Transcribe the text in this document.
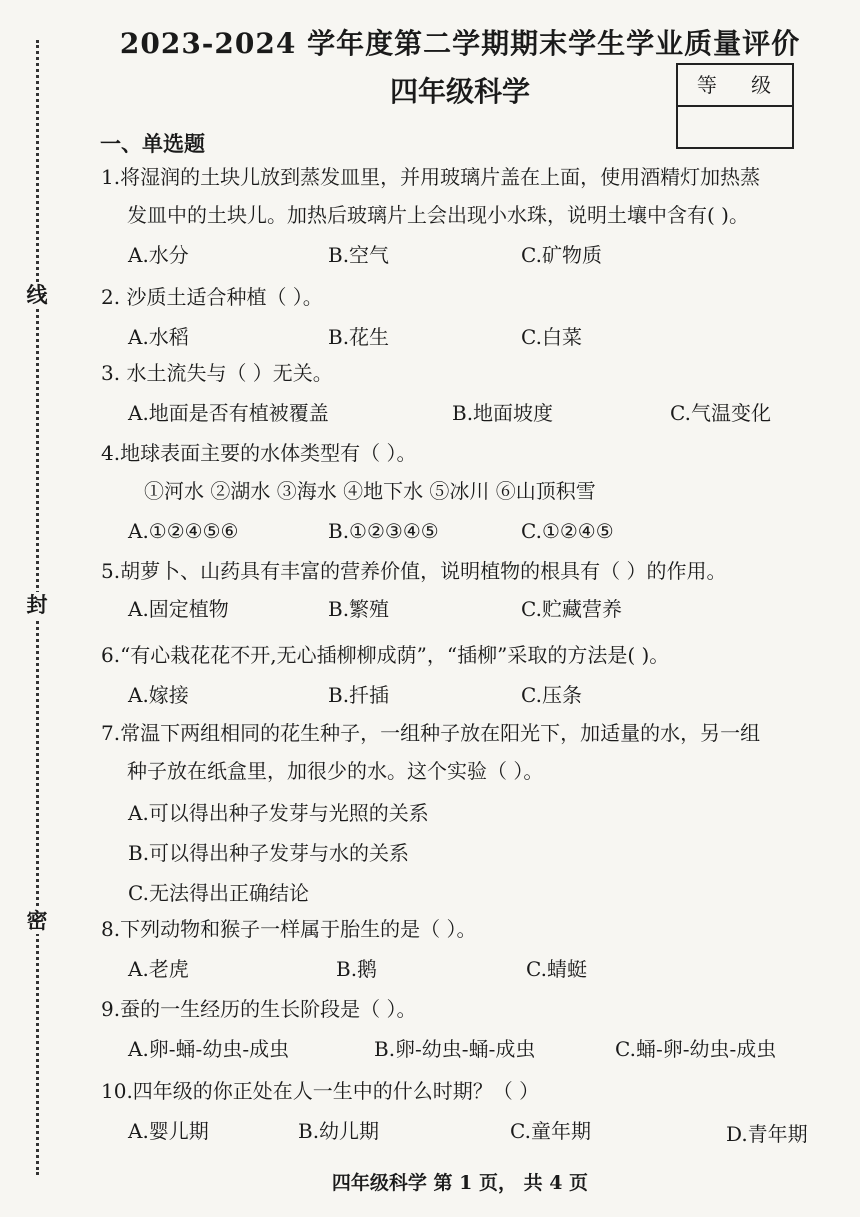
线
封
密
2023-2024 学年度第二学期期末学生学业质量评价
四年级科学	等 级
一、单选题
1.将湿润的土块儿放到蒸发皿里，并用玻璃片盖在上面，使用酒精灯加热蒸
发皿中的土块儿。加热后玻璃片上会出现小水珠，说明土壤中含有( )。
A.水分	B.空气	C.矿物质
2. 沙质土适合种植（ ）。
A.水稻	B.花生	C.白菜
3. 水土流失与（ ）无关。
A.地面是否有植被覆盖	B.地面坡度	C.气温变化
4.地球表面主要的水体类型有（ ）。
①河水 ②湖水 ③海水 ④地下水 ⑤冰川 ⑥山顶积雪
A.①②④⑤⑥	B.①②③④⑤	C.①②④⑤
5.胡萝卜、山药具有丰富的营养价值，说明植物的根具有（ ）的作用。
A.固定植物	B.繁殖	C.贮藏营养
6.“有心栽花花不开,无心插柳柳成荫”，“插柳”采取的方法是( )。
A.嫁接	B.扦插	C.压条
7.常温下两组相同的花生种子，一组种子放在阳光下，加适量的水，另一组
种子放在纸盒里，加很少的水。这个实验（ ）。
A.可以得出种子发芽与光照的关系
B.可以得出种子发芽与水的关系
C.无法得出正确结论
8.下列动物和猴子一样属于胎生的是（ ）。
A.老虎	B.鹅	C.蜻蜓
9.蚕的一生经历的生长阶段是（ ）。
A.卵-蛹-幼虫-成虫	B.卵-幼虫-蛹-成虫	C.蛹-卵-幼虫-成虫
10.四年级的你正处在人一生中的什么时期？（ ）
A.婴儿期	B.幼儿期	C.童年期	D.青年期
四年级科学 第 1 页， 共 4 页
